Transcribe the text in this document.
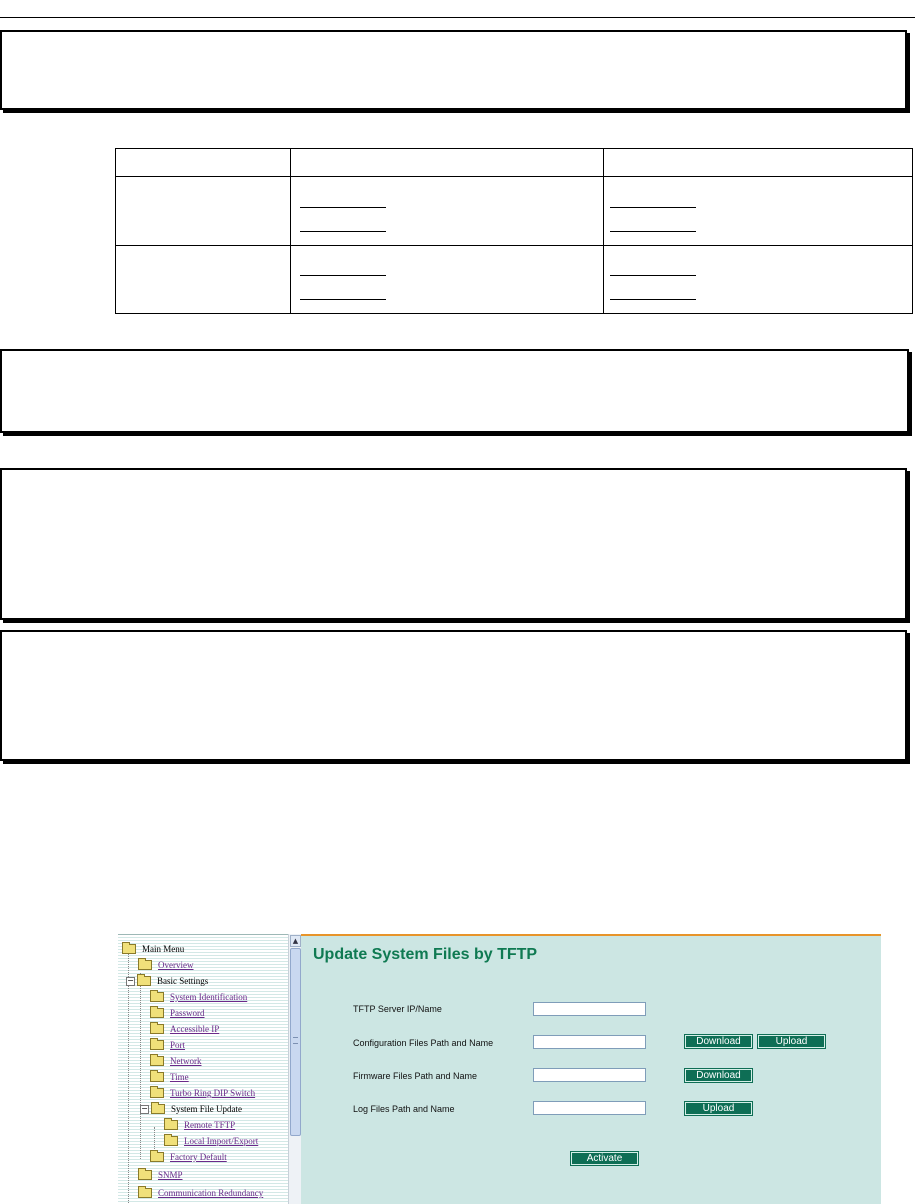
Main Menu
Overview
−	Basic Settings
System Identification
Password
Accessible IP
Port
Network
Time
Turbo Ring DIP Switch
−	System File Update
Remote TFTP
Local Import/Export
Factory Default
SNMP
Communication Redundancy
▲
Update System Files by TFTP
TFTP Server IP/Name
Configuration Files Path and Name	Download	Upload
Firmware Files Path and Name	Download
Log Files Path and Name	Upload
Activate
